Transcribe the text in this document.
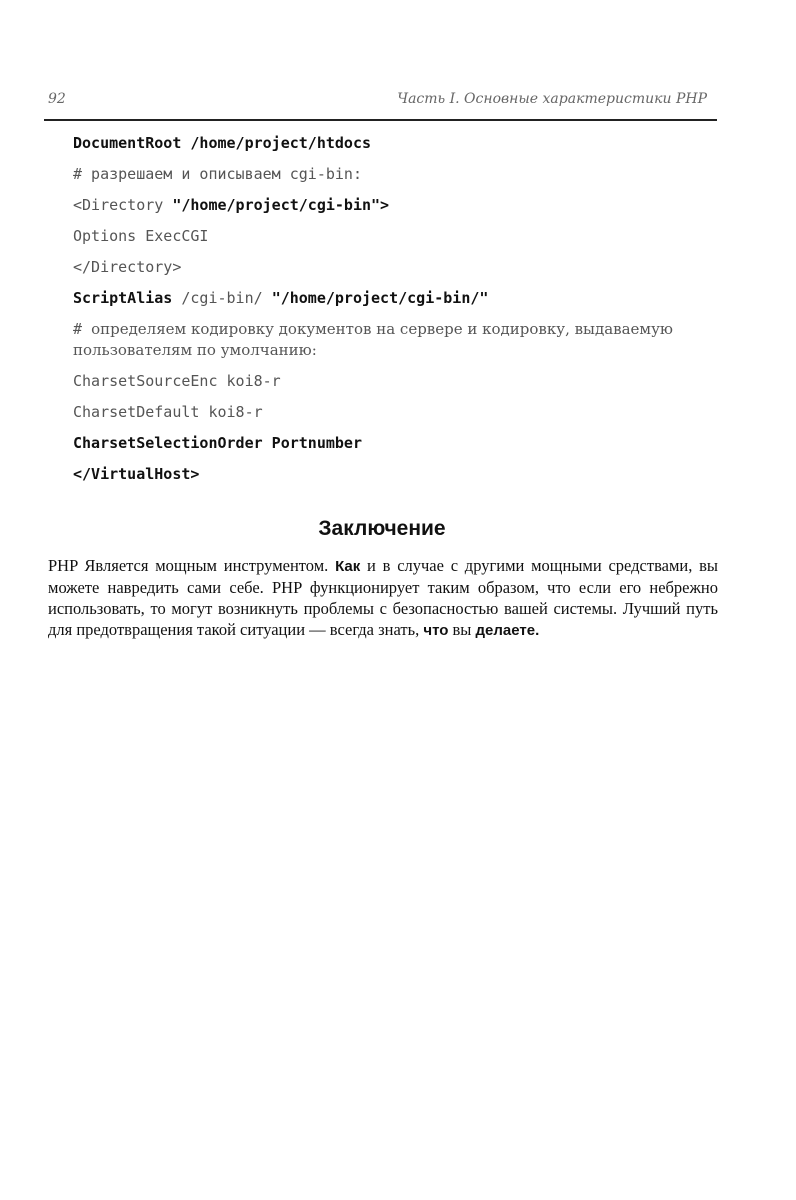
92	Часть I. Основные характеристики PHP
DocumentRoot /home/project/htdocs
# разрешаем и описываем cgi-bin:
<Directory "/home/project/cgi-bin">
Options ExecCGI
</Directory>
ScriptAlias /cgi-bin/ "/home/project/cgi-bin/"
# определяем кодировку документов на сервере и кодировку, выдаваемую пользователям по умолчанию:
CharsetSourceEnc koi8-r
CharsetDefault koi8-r
CharsetSelectionOrder Portnumber
</VirtualHost>
Заключение
PHP Является мощным инструментом. Как и в случае с другими мощными средствами, вы можете навредить сами себе. PHP функционирует таким образом, что если его небрежно использовать, то могут возникнуть проблемы с безопасностью вашей системы. Лучший путь для предотвращения такой ситуации — всегда знать, что вы делаете.
